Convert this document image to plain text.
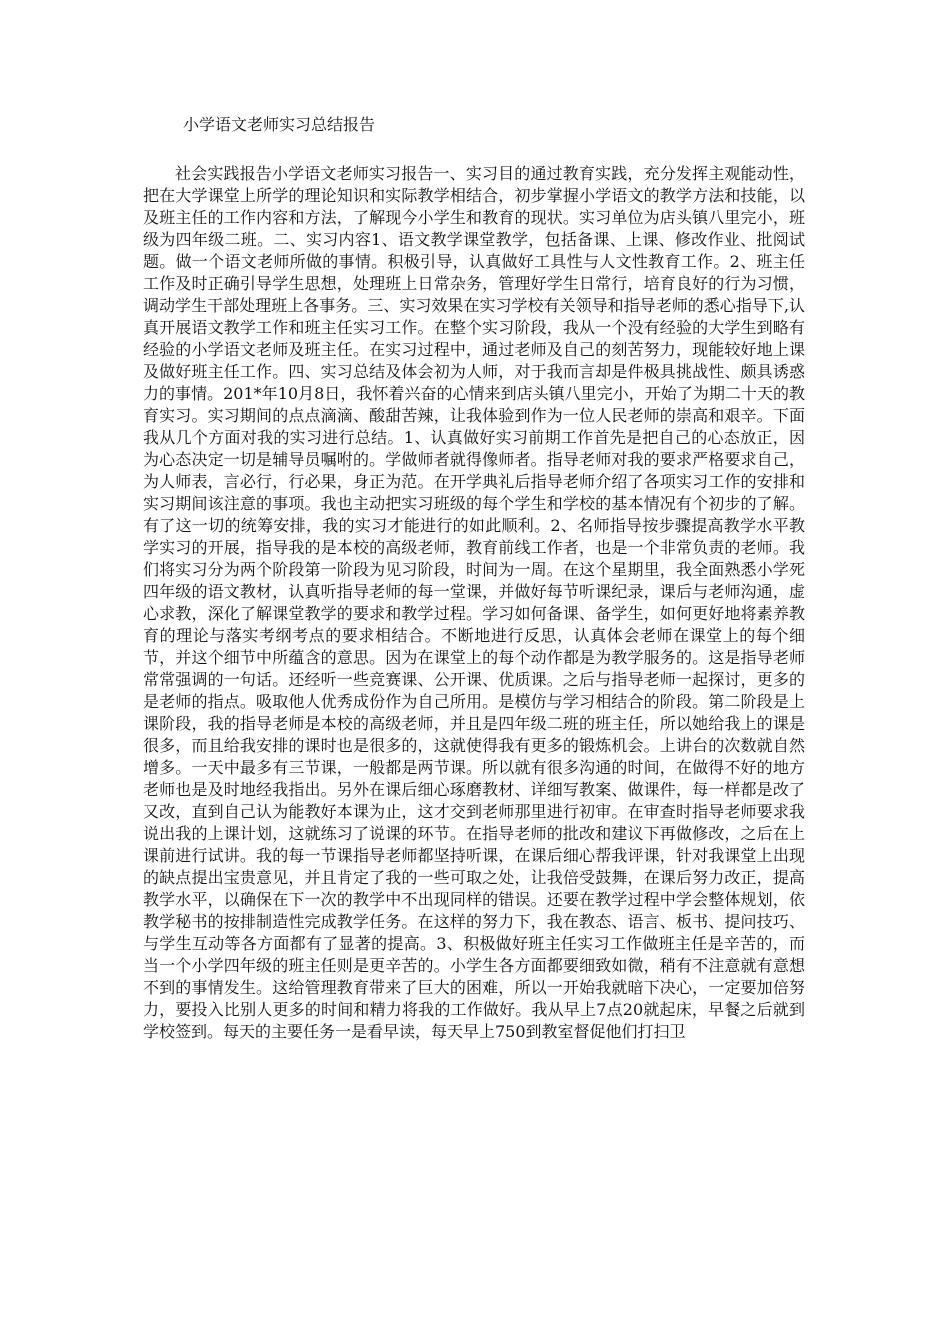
小学语文老师实习总结报告

社会实践报告小学语文老师实习报告一、实习目的通过教育实践，充分发挥主观能动性，把在大学课堂上所学的理论知识和实际教学相结合，初步掌握小学语文的教学方法和技能，以及班主任的工作内容和方法，了解现今小学生和教育的现状。实习单位为店头镇八里完小，班级为四年级二班。二、实习内容1、语文教学课堂教学，包括备课、上课、修改作业、批阅试题。做一个语文老师所做的事情。积极引导，认真做好工具性与人文性教育工作。2、班主任工作及时正确引导学生思想，处理班上日常杂务，管理好学生日常行，培育良好的行为习惯，调动学生干部处理班上各事务。三、实习效果在实习学校有关领导和指导老师的悉心指导下,认真开展语文教学工作和班主任实习工作。在整个实习阶段，我从一个没有经验的大学生到略有经验的小学语文老师及班主任。在实习过程中，通过老师及自己的刻苦努力，现能较好地上课及做好班主任工作。四、实习总结及体会初为人师，对于我而言却是件极具挑战性、颇具诱惑力的事情。201*年10月8日，我怀着兴奋的心情来到店头镇八里完小，开始了为期二十天的教育实习。实习期间的点点滴滴、酸甜苦辣，让我体验到作为一位人民老师的崇高和艰辛。下面我从几个方面对我的实习进行总结。1、认真做好实习前期工作首先是把自己的心态放正，因为心态决定一切是辅导员嘱咐的。学做师者就得像师者。指导老师对我的要求严格要求自己，为人师表，言必行，行必果，身正为范。在开学典礼后指导老师介绍了各项实习工作的安排和实习期间该注意的事项。我也主动把实习班级的每个学生和学校的基本情况有个初步的了解。有了这一切的统筹安排，我的实习才能进行的如此顺利。2、名师指导按步骤提高教学水平教学实习的开展，指导我的是本校的高级老师，教育前线工作者，也是一个非常负责的老师。我们将实习分为两个阶段第一阶段为见习阶段，时间为一周。在这个星期里，我全面熟悉小学死四年级的语文教材，认真听指导老师的每一堂课，并做好每节听课纪录，课后与老师沟通，虚心求教，深化了解课堂教学的要求和教学过程。学习如何备课、备学生，如何更好地将素养教育的理论与落实考纲考点的要求相结合。不断地进行反思，认真体会老师在课堂上的每个细节，并这个细节中所蕴含的意思。因为在课堂上的每个动作都是为教学服务的。这是指导老师常常强调的一句话。还经听一些竞赛课、公开课、优质课。之后与指导老师一起探讨，更多的是老师的指点。吸取他人优秀成份作为自己所用。是模仿与学习相结合的阶段。第二阶段是上课阶段，我的指导老师是本校的高级老师，并且是四年级二班的班主任，所以她给我上的课是很多，而且给我安排的课时也是很多的，这就使得我有更多的锻炼机会。上讲台的次数就自然增多。一天中最多有三节课，一般都是两节课。所以就有很多沟通的时间，在做得不好的地方老师也是及时地经我指出。另外在课后细心琢磨教材、详细写教案、做课件，每一样都是改了又改，直到自己认为能教好本课为止，这才交到老师那里进行初审。在审查时指导老师要求我说出我的上课计划，这就练习了说课的环节。在指导老师的批改和建议下再做修改，之后在上课前进行试讲。我的每一节课指导老师都坚持听课，在课后细心帮我评课，针对我课堂上出现的缺点提出宝贵意见，并且肯定了我的一些可取之处，让我倍受鼓舞，在课后努力改正，提高教学水平，以确保在下一次的教学中不出现同样的错误。还要在教学过程中学会整体规划，依教学秘书的按排制造性完成教学任务。在这样的努力下，我在教态、语言、板书、提问技巧、与学生互动等各方面都有了显著的提高。3、积极做好班主任实习工作做班主任是辛苦的，而当一个小学四年级的班主任则是更辛苦的。小学生各方面都要细致如微，稍有不注意就有意想不到的事情发生。这给管理教育带来了巨大的困难，所以一开始我就暗下决心，一定要加倍努力，要投入比别人更多的时间和精力将我的工作做好。我从早上7点20就起床，早餐之后就到学校签到。每天的主要任务一是看早读，每天早上750到教室督促他们打扫卫
